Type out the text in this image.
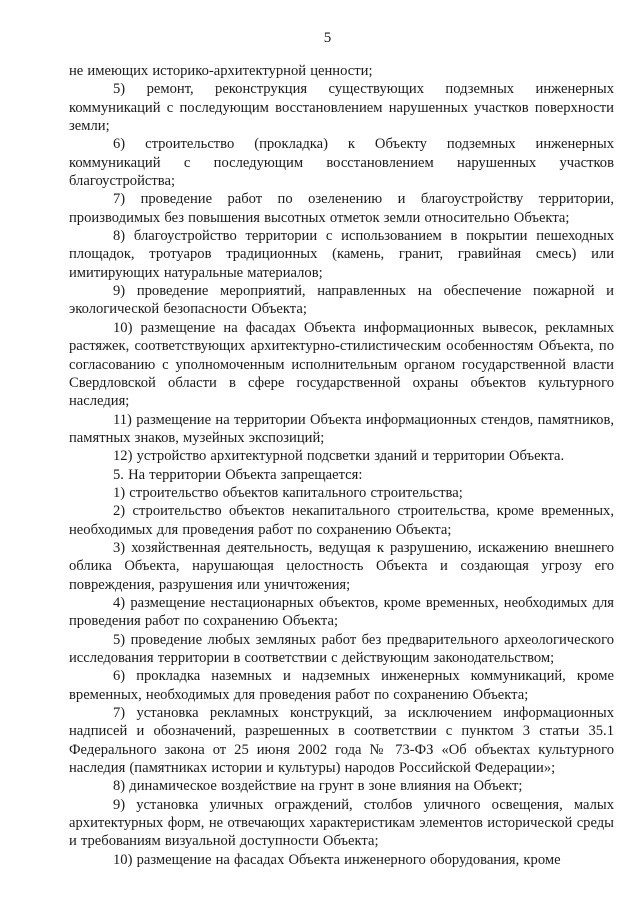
5

не имеющих историко-архитектурной ценности;

5) ремонт, реконструкция существующих подземных инженерных коммуникаций с последующим восстановлением нарушенных участков поверхности земли;

6) строительство (прокладка) к Объекту подземных инженерных коммуникаций с последующим восстановлением нарушенных участков благоустройства;

7) проведение работ по озеленению и благоустройству территории, производимых без повышения высотных отметок земли относительно Объекта;

8) благоустройство территории с использованием в покрытии пешеходных площадок, тротуаров традиционных (камень, гранит, гравийная смесь) или имитирующих натуральные материалов;

9) проведение мероприятий, направленных на обеспечение пожарной и экологической безопасности Объекта;

10) размещение на фасадах Объекта информационных вывесок, рекламных растяжек, соответствующих архитектурно-стилистическим особенностям Объекта, по согласованию с уполномоченным исполнительным органом государственной власти Свердловской области в сфере государственной охраны объектов культурного наследия;

11) размещение на территории Объекта информационных стендов, памятников, памятных знаков, музейных экспозиций;

12) устройство архитектурной подсветки зданий и территории Объекта.

5. На территории Объекта запрещается:

1) строительство объектов капитального строительства;

2) строительство объектов некапитального строительства, кроме временных, необходимых для проведения работ по сохранению Объекта;

3) хозяйственная деятельность, ведущая к разрушению, искажению внешнего облика Объекта, нарушающая целостность Объекта и создающая угрозу его повреждения, разрушения или уничтожения;

4) размещение нестационарных объектов, кроме временных, необходимых для проведения работ по сохранению Объекта;

5) проведение любых земляных работ без предварительного археологического исследования территории в соответствии с действующим законодательством;

6) прокладка наземных и надземных инженерных коммуникаций, кроме временных, необходимых для проведения работ по сохранению Объекта;

7) установка рекламных конструкций, за исключением информационных надписей и обозначений, разрешенных в соответствии с пунктом 3 статьи 35.1 Федерального закона от 25 июня 2002 года № 73-ФЗ «Об объектах культурного наследия (памятниках истории и культуры) народов Российской Федерации»;

8) динамическое воздействие на грунт в зоне влияния на Объект;

9) установка уличных ограждений, столбов уличного освещения, малых архитектурных форм, не отвечающих характеристикам элементов исторической среды и требованиям визуальной доступности Объекта;

10) размещение на фасадах Объекта инженерного оборудования, кроме
